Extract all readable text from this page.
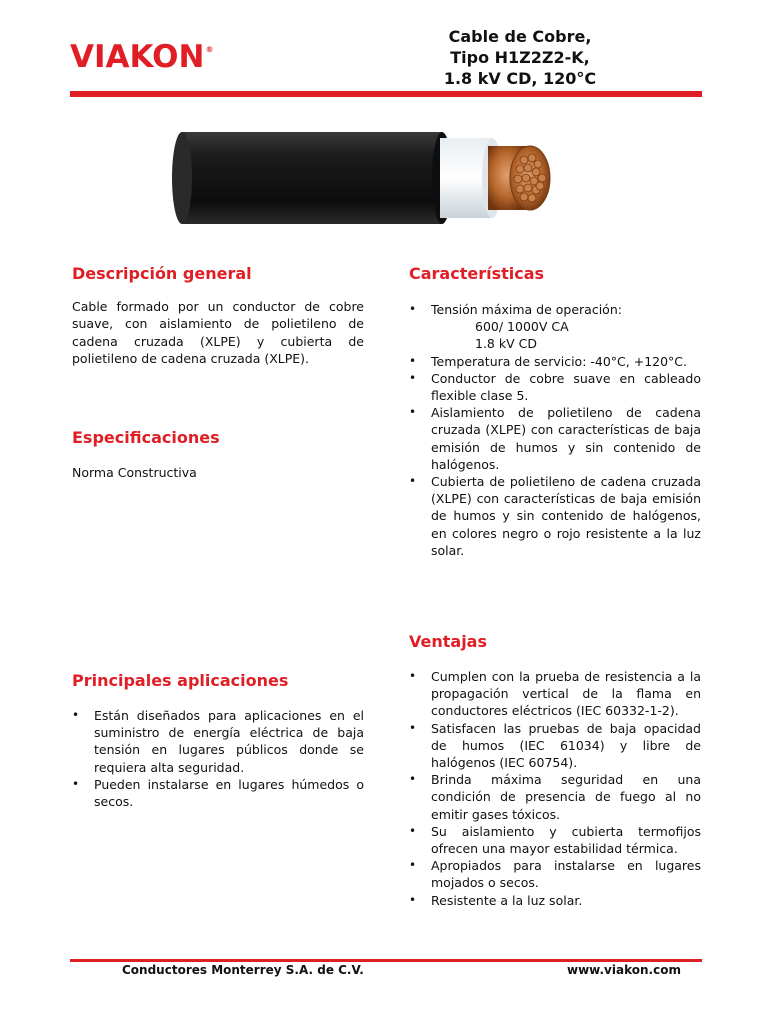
VIAKON®
Cable de Cobre,
Tipo H1Z2Z2-K,
1.8 kV CD, 120°C
Descripción general

Cable formado por un conductor de cobre suave, con aislamiento de polietileno de cadena cruzada (XLPE) y cubierta de polietileno de cadena cruzada (XLPE).

Especificaciones

Norma Constructiva

Principales aplicaciones
• Están diseñados para aplicaciones en el suministro de energía eléctrica de baja tensión en lugares públicos donde se requiera alta seguridad.
• Pueden instalarse en lugares húmedos o secos.
Características
• Tensión máxima de operación:
600/ 1000V CA
1.8 kV CD
• Temperatura de servicio: -40°C, +120°C.
• Conductor de cobre suave en cableado flexible clase 5.
• Aislamiento de polietileno de cadena cruzada (XLPE) con características de baja emisión de humos y sin contenido de halógenos.
• Cubierta de polietileno de cadena cruzada (XLPE) con características de baja emisión de humos y sin contenido de halógenos, en colores negro o rojo resistente a la luz solar.
Ventajas
• Cumplen con la prueba de resistencia a la propagación vertical de la flama en conductores eléctricos (IEC 60332-1-2).
• Satisfacen las pruebas de baja opacidad de humos (IEC 61034) y libre de halógenos (IEC 60754).
• Brinda máxima seguridad en una condición de presencia de fuego al no emitir gases tóxicos.
• Su aislamiento y cubierta termofijos ofrecen una mayor estabilidad térmica.
• Apropiados para instalarse en lugares mojados o secos.
• Resistente a la luz solar.
Conductores Monterrey S.A. de C.V.	www.viakon.com
